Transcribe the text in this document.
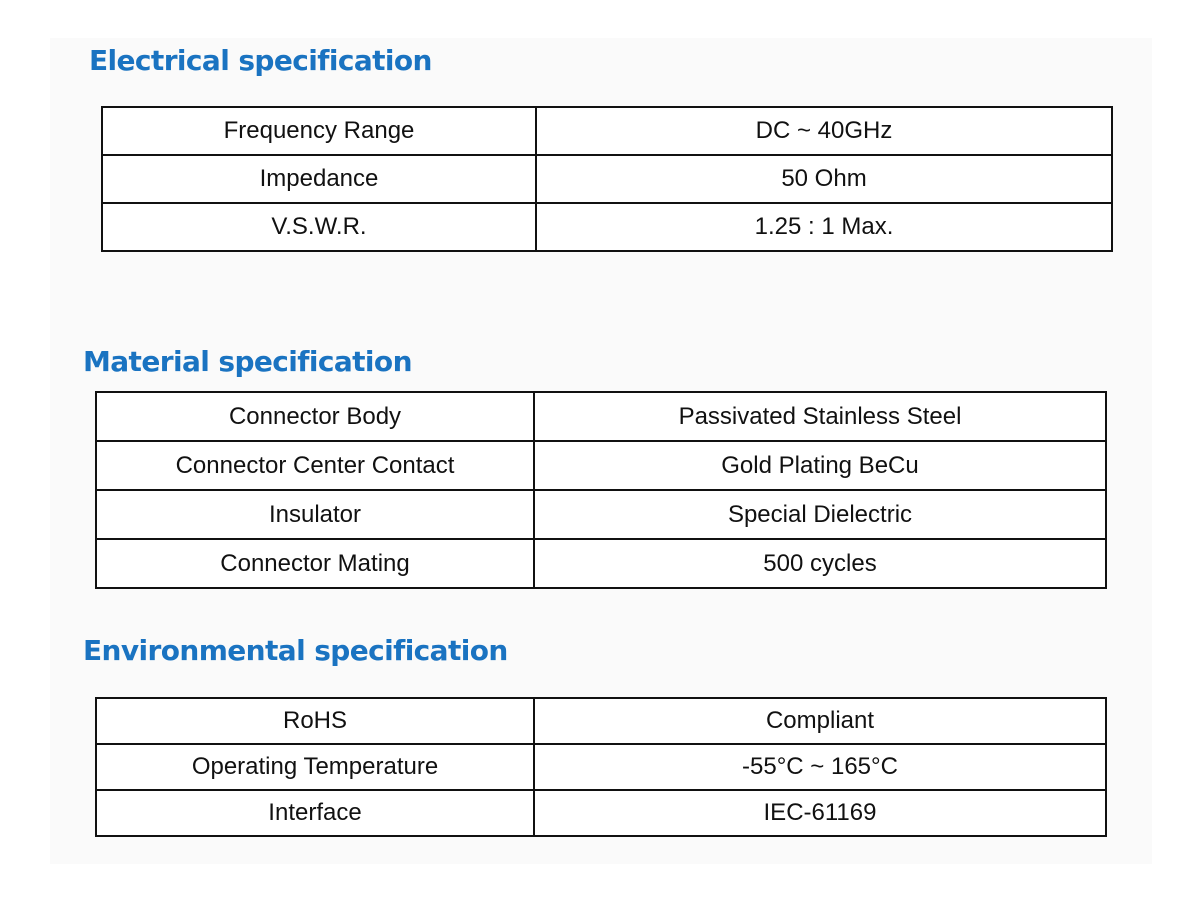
Electrical specification
Frequency Range	DC ~ 40GHz
Impedance	50 Ohm
V.S.W.R.	1.25 : 1 Max.
Material specification
Connector Body	Passivated Stainless Steel
Connector Center Contact	Gold Plating BeCu
Insulator	Special Dielectric
Connector Mating	500 cycles
Environmental specification
RoHS	Compliant
Operating Temperature	-55°C ~ 165°C
Interface	IEC-61169
